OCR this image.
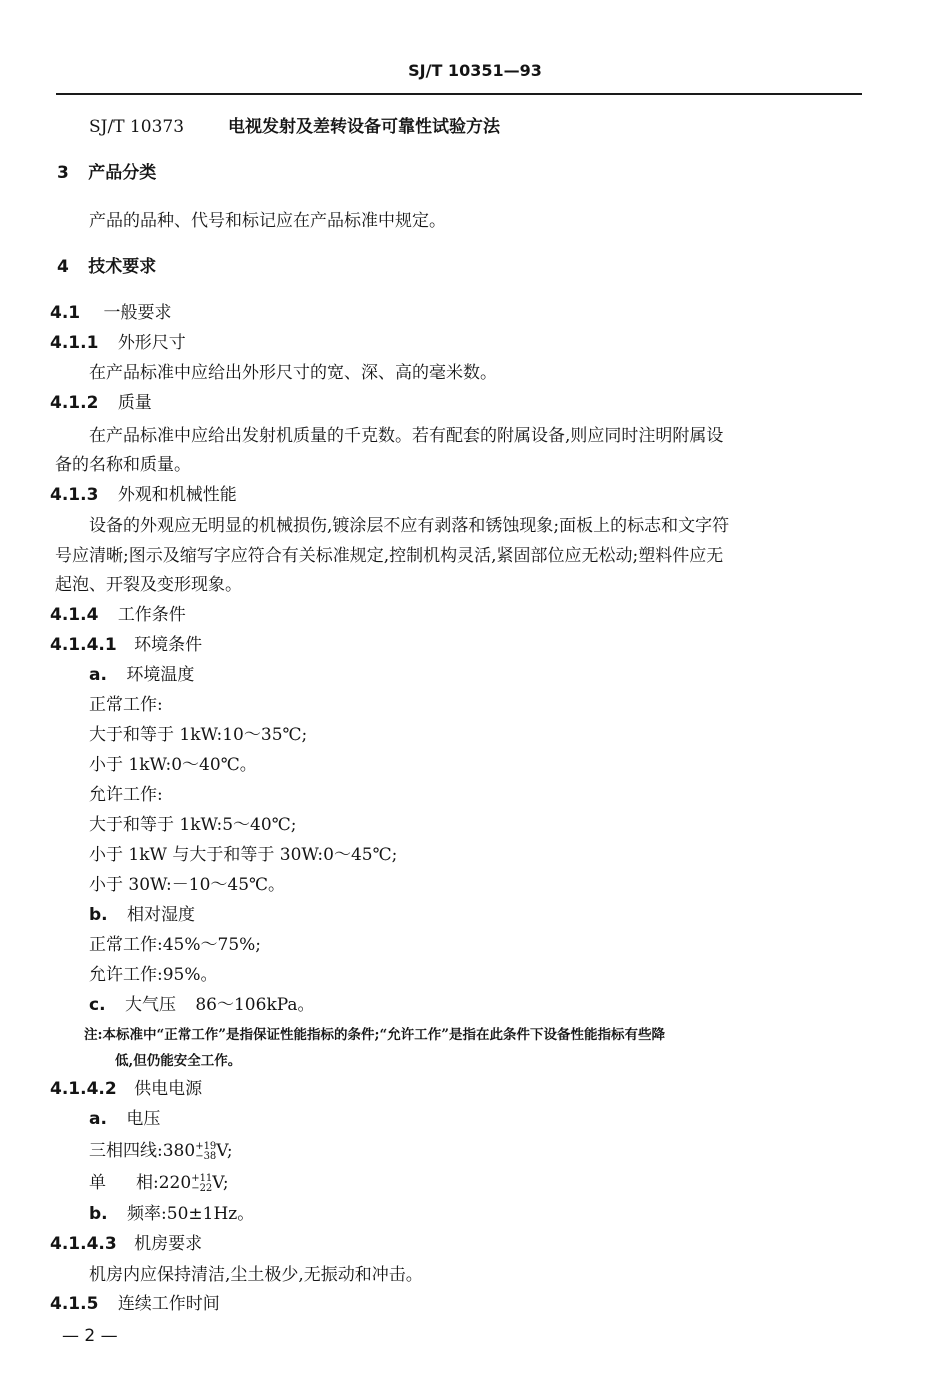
SJ/T 10351—93
SJ/T 10373	电视发射及差转设备可靠性试验方法
3 产品分类
产品的品种、代号和标记应在产品标准中规定。
4 技术要求
4.1 一般要求
4.1.1 外形尺寸
在产品标准中应给出外形尺寸的宽、深、高的毫米数。
4.1.2 质量
在产品标准中应给出发射机质量的千克数。若有配套的附属设备,则应同时注明附属设
备的名称和质量。
4.1.3 外观和机械性能
设备的外观应无明显的机械损伤,镀涂层不应有剥落和锈蚀现象;面板上的标志和文字符
号应清晰;图示及缩写字应符合有关标准规定,控制机构灵活,紧固部位应无松动;塑料件应无
起泡、开裂及变形现象。
4.1.4 工作条件
4.1.4.1 环境条件
a. 环境温度
正常工作:
大于和等于 1kW:10～35℃;
小于 1kW:0～40℃。
允许工作:
大于和等于 1kW:5～40℃;
小于 1kW 与大于和等于 30W:0～45℃;
小于 30W:－10～45℃。
b. 相对湿度
正常工作:45%～75%;
允许工作:95%。
c. 大气压 86～106kPa。
注:本标准中“正常工作”是指保证性能指标的条件;“允许工作”是指在此条件下设备性能指标有些降
低,但仍能安全工作。
4.1.4.2 供电电源
a. 电压
三相四线:380 +19
−38 V;
单 相:220 +11
−22 V;
b. 频率:50±1Hz。
4.1.4.3 机房要求
机房内应保持清洁,尘土极少,无振动和冲击。
4.1.5 连续工作时间
— 2 —
